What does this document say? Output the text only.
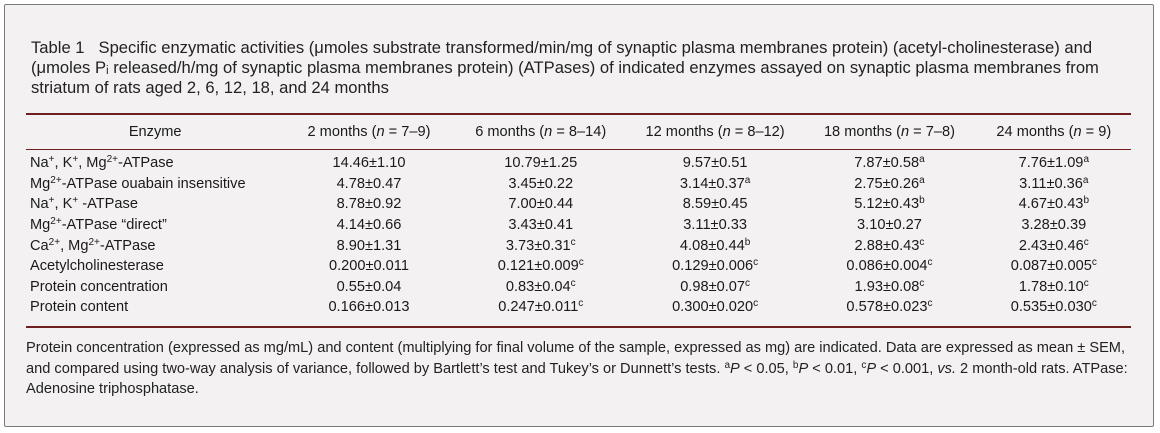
Table 1 Specific enzymatic activities (μmoles substrate transformed/min/mg of synaptic plasma membranes protein) (acetyl-cholinesterase) and (μmoles Pᵢ released/h/mg of synaptic plasma membranes protein) (ATPases) of indicated enzymes assayed on synaptic plasma membranes from striatum of rats aged 2, 6, 12, 18, and 24 months
Enzyme	2 months (n = 7–9)	6 months (n = 8–14)	12 months (n = 8–12)	18 months (n = 7–8)	24 months (n = 9)
Na+, K+, $Mg^{2+}$-ATPase	14.46±1.10	10.79±1.25	9.57±0.51	7.87±0.58$^a$	7.76±1.09$^a$
$Mg^{2+}$-ATPase ouabain insensitive	4.78±0.47	3.45±0.22	3.14±0.37$^a$	2.75±0.26$^a$	3.11±0.36$^a$
Na+, K+ -ATPase	8.78±0.92	7.00±0.44	8.59±0.45	5.12±0.43$^b$	4.67±0.43$^b$
$Mg^{2+}$-ATPase “direct”	4.14±0.66	3.43±0.41	3.11±0.33	3.10±0.27	3.28±0.39
$Ca^{2+}$, $Mg^{2+}$-ATPase	8.90±1.31	3.73±0.31$^c$	4.08±0.44$^b$	2.88±0.43$^c$	2.43±0.46$^c$
Acetylcholinesterase	0.200±0.011	0.121±0.009$^c$	0.129±0.006$^c$	0.086±0.004$^c$	0.087±0.005$^c$
Protein concentration	0.55±0.04	0.83±0.04$^c$	0.98±0.07$^c$	1.93±0.08$^c$	1.78±0.10$^c$
Protein content	0.166±0.013	0.247±0.011$^c$	0.300±0.020$^c$	0.578±0.023$^c$	0.535±0.030$^c$
Protein concentration (expressed as mg/mL) and content (multiplying for final volume of the sample, expressed as mg) are indicated. Data are expressed as mean ± SEM, and compared using two-way analysis of variance, followed by Bartlett’s test and Tukey’s or Dunnett’s tests. $^a$P < 0.05, $^b$P < 0.01, $^c$P < 0.001, vs. 2 month-old rats. ATPase: Adenosine triphosphatase.
